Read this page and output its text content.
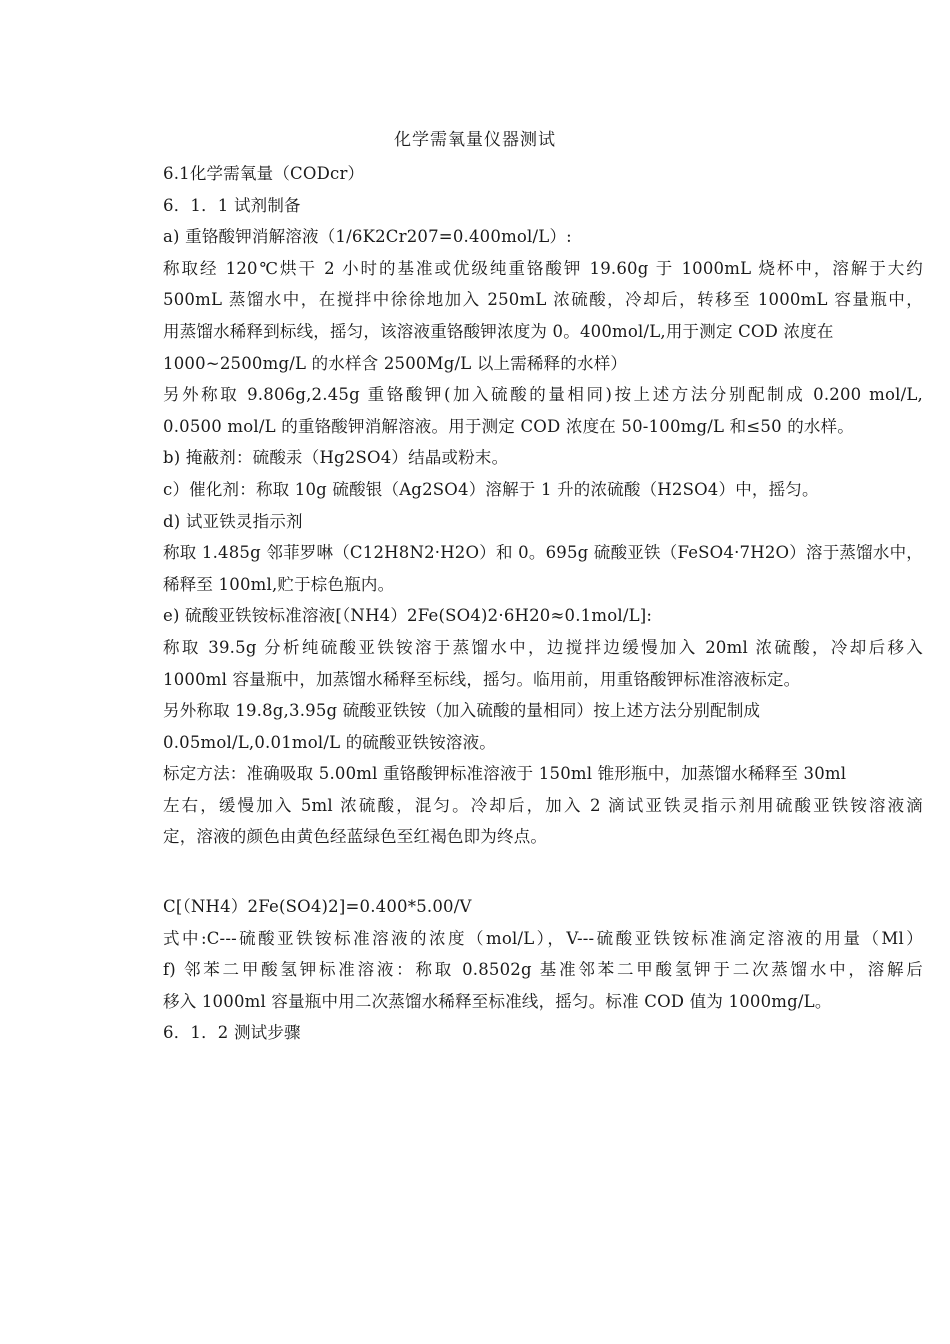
化学需氧量仪器测试
6.1化学需氧量（CODcr）
6．1．1 试剂制备
a) 重铬酸钾消解溶液（1/6K2Cr207=0.400mol/L）:
称取经 120℃烘干 2 小时的基准或优级纯重铬酸钾 19.60g 于 1000mL 烧杯中，溶解于大约
500mL 蒸馏水中，在搅拌中徐徐地加入 250mL 浓硫酸，冷却后，转移至 1000mL 容量瓶中，
用蒸馏水稀释到标线，摇匀，该溶液重铬酸钾浓度为 0。400mol/L,用于测定 COD 浓度在
1000~2500mg/L 的水样含 2500Mg/L 以上需稀释的水样）
另外称取 9.806g,2.45g 重铬酸钾(加入硫酸的量相同)按上述方法分别配制成 0.200 mol/L,
0.0500 mol/L 的重铬酸钾消解溶液。用于测定 COD 浓度在 50-100mg/L 和≤50 的水样。
b) 掩蔽剂：硫酸汞（Hg2SO4）结晶或粉末。
c）催化剂：称取 10g 硫酸银（Ag2SO4）溶解于 1 升的浓硫酸（H2SO4）中，摇匀。
d) 试亚铁灵指示剂
称取 1.485g 邻菲罗啉（C12H8N2·H2O）和 0。695g 硫酸亚铁（FeSO4·7H2O）溶于蒸馏水中，
稀释至 100ml,贮于棕色瓶内。
e) 硫酸亚铁铵标准溶液[（NH4）2Fe(SO4)2·6H20≈0.1mol/L]:
称取 39.5g 分析纯硫酸亚铁铵溶于蒸馏水中，边搅拌边缓慢加入 20ml 浓硫酸，冷却后移入
1000ml 容量瓶中，加蒸馏水稀释至标线，摇匀。临用前，用重铬酸钾标准溶液标定。
另外称取 19.8g,3.95g 硫酸亚铁铵（加入硫酸的量相同）按上述方法分别配制成
0.05mol/L,0.01mol/L 的硫酸亚铁铵溶液。
标定方法：准确吸取 5.00ml 重铬酸钾标准溶液于 150ml 锥形瓶中，加蒸馏水稀释至 30ml
左右，缓慢加入 5ml 浓硫酸，混匀。冷却后，加入 2 滴试亚铁灵指示剂用硫酸亚铁铵溶液滴
定，溶液的颜色由黄色经蓝绿色至红褐色即为终点。
C[（NH4）2Fe(SO4)2]=0.400*5.00/V
式中:C---硫酸亚铁铵标准溶液的浓度（mol/L），V---硫酸亚铁铵标准滴定溶液的用量（Ml）
f) 邻苯二甲酸氢钾标准溶液：称取 0.8502g 基准邻苯二甲酸氢钾于二次蒸馏水中，溶解后
移入 1000ml 容量瓶中用二次蒸馏水稀释至标准线，摇匀。标准 COD 值为 1000mg/L。
6．1．2 测试步骤
